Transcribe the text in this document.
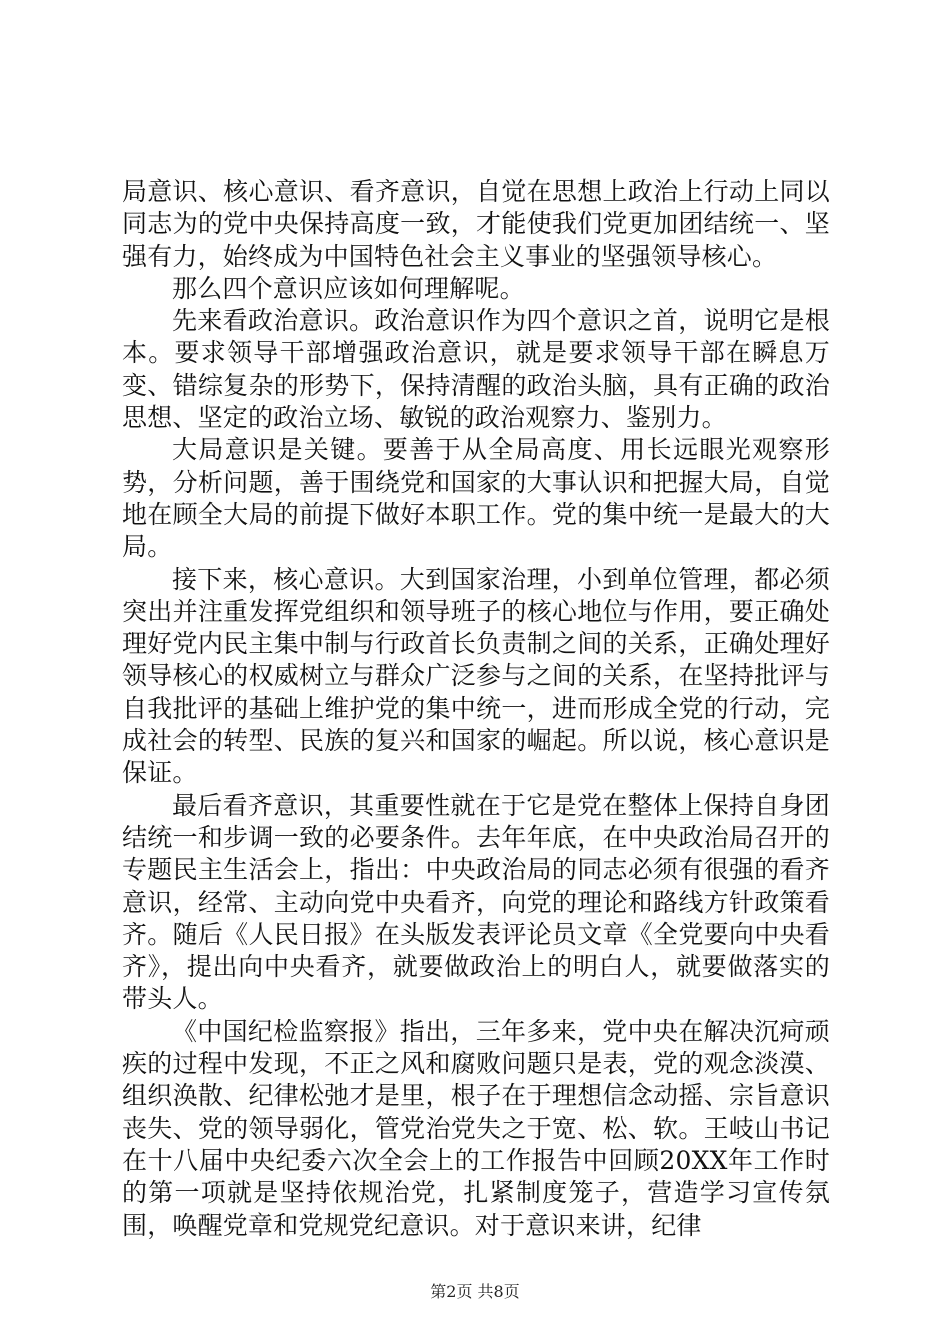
局意识、核心意识、看齐意识，自觉在思想上政治上行动上同以同志为的党中央保持高度一致，才能使我们党更加团结统一、坚强有力，始终成为中国特色社会主义事业的坚强领导核心。

那么四个意识应该如何理解呢。

先来看政治意识。政治意识作为四个意识之首，说明它是根本。要求领导干部增强政治意识，就是要求领导干部在瞬息万变、错综复杂的形势下，保持清醒的政治头脑，具有正确的政治思想、坚定的政治立场、敏锐的政治观察力、鉴别力。

大局意识是关键。要善于从全局高度、用长远眼光观察形势，分析问题，善于围绕党和国家的大事认识和把握大局，自觉地在顾全大局的前提下做好本职工作。党的集中统一是最大的大局。

接下来，核心意识。大到国家治理，小到单位管理，都必须突出并注重发挥党组织和领导班子的核心地位与作用，要正确处理好党内民主集中制与行政首长负责制之间的关系，正确处理好领导核心的权威树立与群众广泛参与之间的关系，在坚持批评与自我批评的基础上维护党的集中统一，进而形成全党的行动，完成社会的转型、民族的复兴和国家的崛起。所以说，核心意识是保证。

最后看齐意识，其重要性就在于它是党在整体上保持自身团结统一和步调一致的必要条件。去年年底，在中央政治局召开的专题民主生活会上，指出：中央政治局的同志必须有很强的看齐意识，经常、主动向党中央看齐，向党的理论和路线方针政策看齐。随后《人民日报》在头版发表评论员文章《全党要向中央看齐》，提出向中央看齐，就要做政治上的明白人，就要做落实的带头人。

《中国纪检监察报》指出，三年多来，党中央在解决沉疴顽疾的过程中发现，不正之风和腐败问题只是表，党的观念淡漠、组织涣散、纪律松弛才是里，根子在于理想信念动摇、宗旨意识丧失、党的领导弱化，管党治党失之于宽、松、软。王岐山书记在十八届中央纪委六次全会上的工作报告中回顾20XX年工作时的第一项就是坚持依规治党，扎紧制度笼子，营造学习宣传氛围，唤醒党章和党规党纪意识。对于意识来讲，纪律

第2页 共8页
